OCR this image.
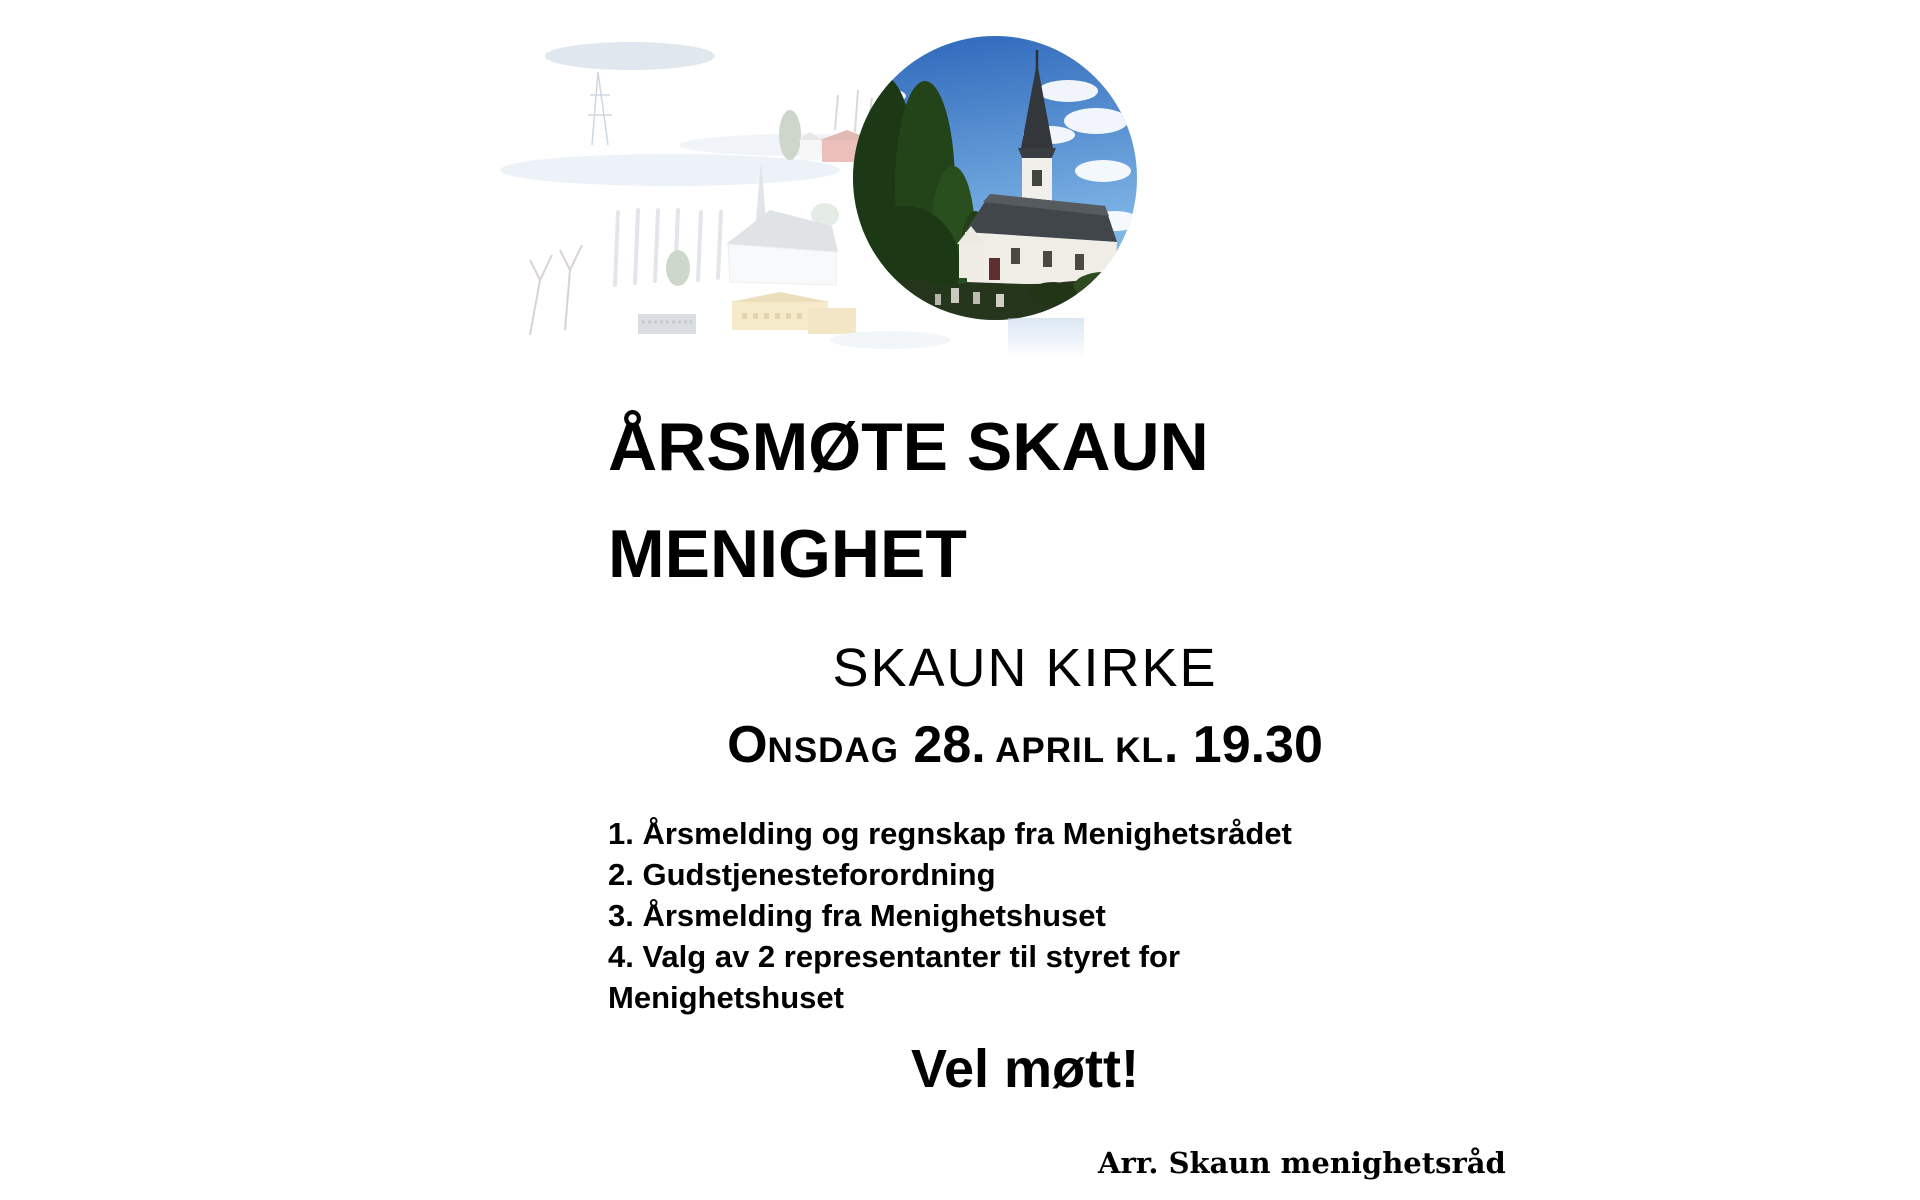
ÅRSMØTE SKAUN
MENIGHET
SKAUN KIRKE
ONSDAG 28. APRIL KL. 19.30
1. Årsmelding og regnskap fra Menighetsrådet
2. Gudstjenesteforordning
3. Årsmelding fra Menighetshuset
4. Valg av 2 representanter til styret for
Menighetshuset

Vel møtt!

Arr. Skaun menighetsråd
